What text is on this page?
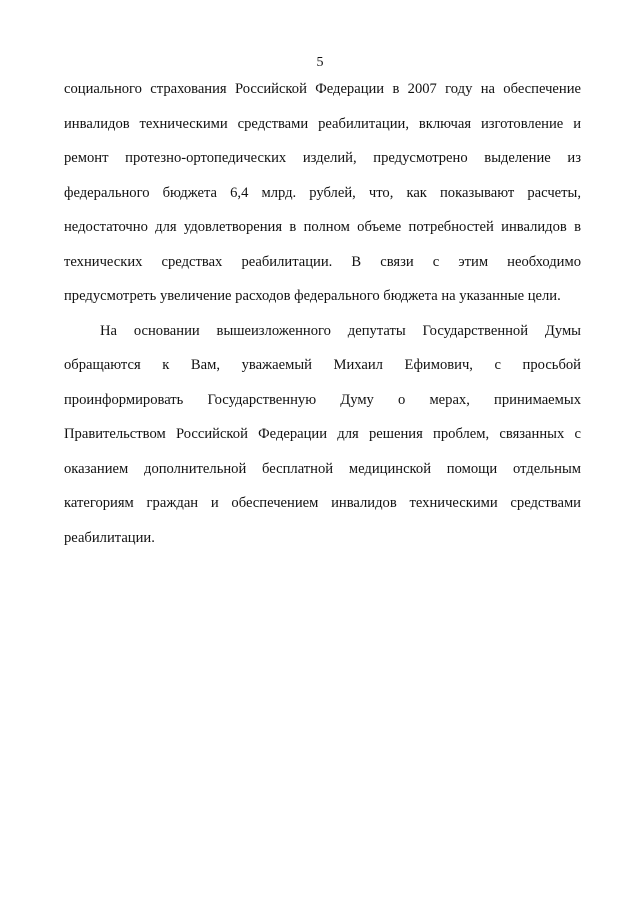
5
социального страхования Российской Федерации в 2007 году на обеспечение
инвалидов техническими средствами реабилитации, включая изготовление и
ремонт протезно-ортопедических изделий, предусмотрено выделение из
федерального бюджета 6,4 млрд. рублей, что, как показывают расчеты,
недостаточно для удовлетворения в полном объеме потребностей инвалидов в
технических средствах реабилитации. В связи с этим необходимо
предусмотреть увеличение расходов федерального бюджета на указанные цели.
На основании вышеизложенного депутаты Государственной Думы
обращаются к Вам, уважаемый Михаил Ефимович, с просьбой
проинформировать Государственную Думу о мерах, принимаемых
Правительством Российской Федерации для решения проблем, связанных с
оказанием дополнительной бесплатной медицинской помощи отдельным
категориям граждан и обеспечением инвалидов техническими средствами
реабилитации.
